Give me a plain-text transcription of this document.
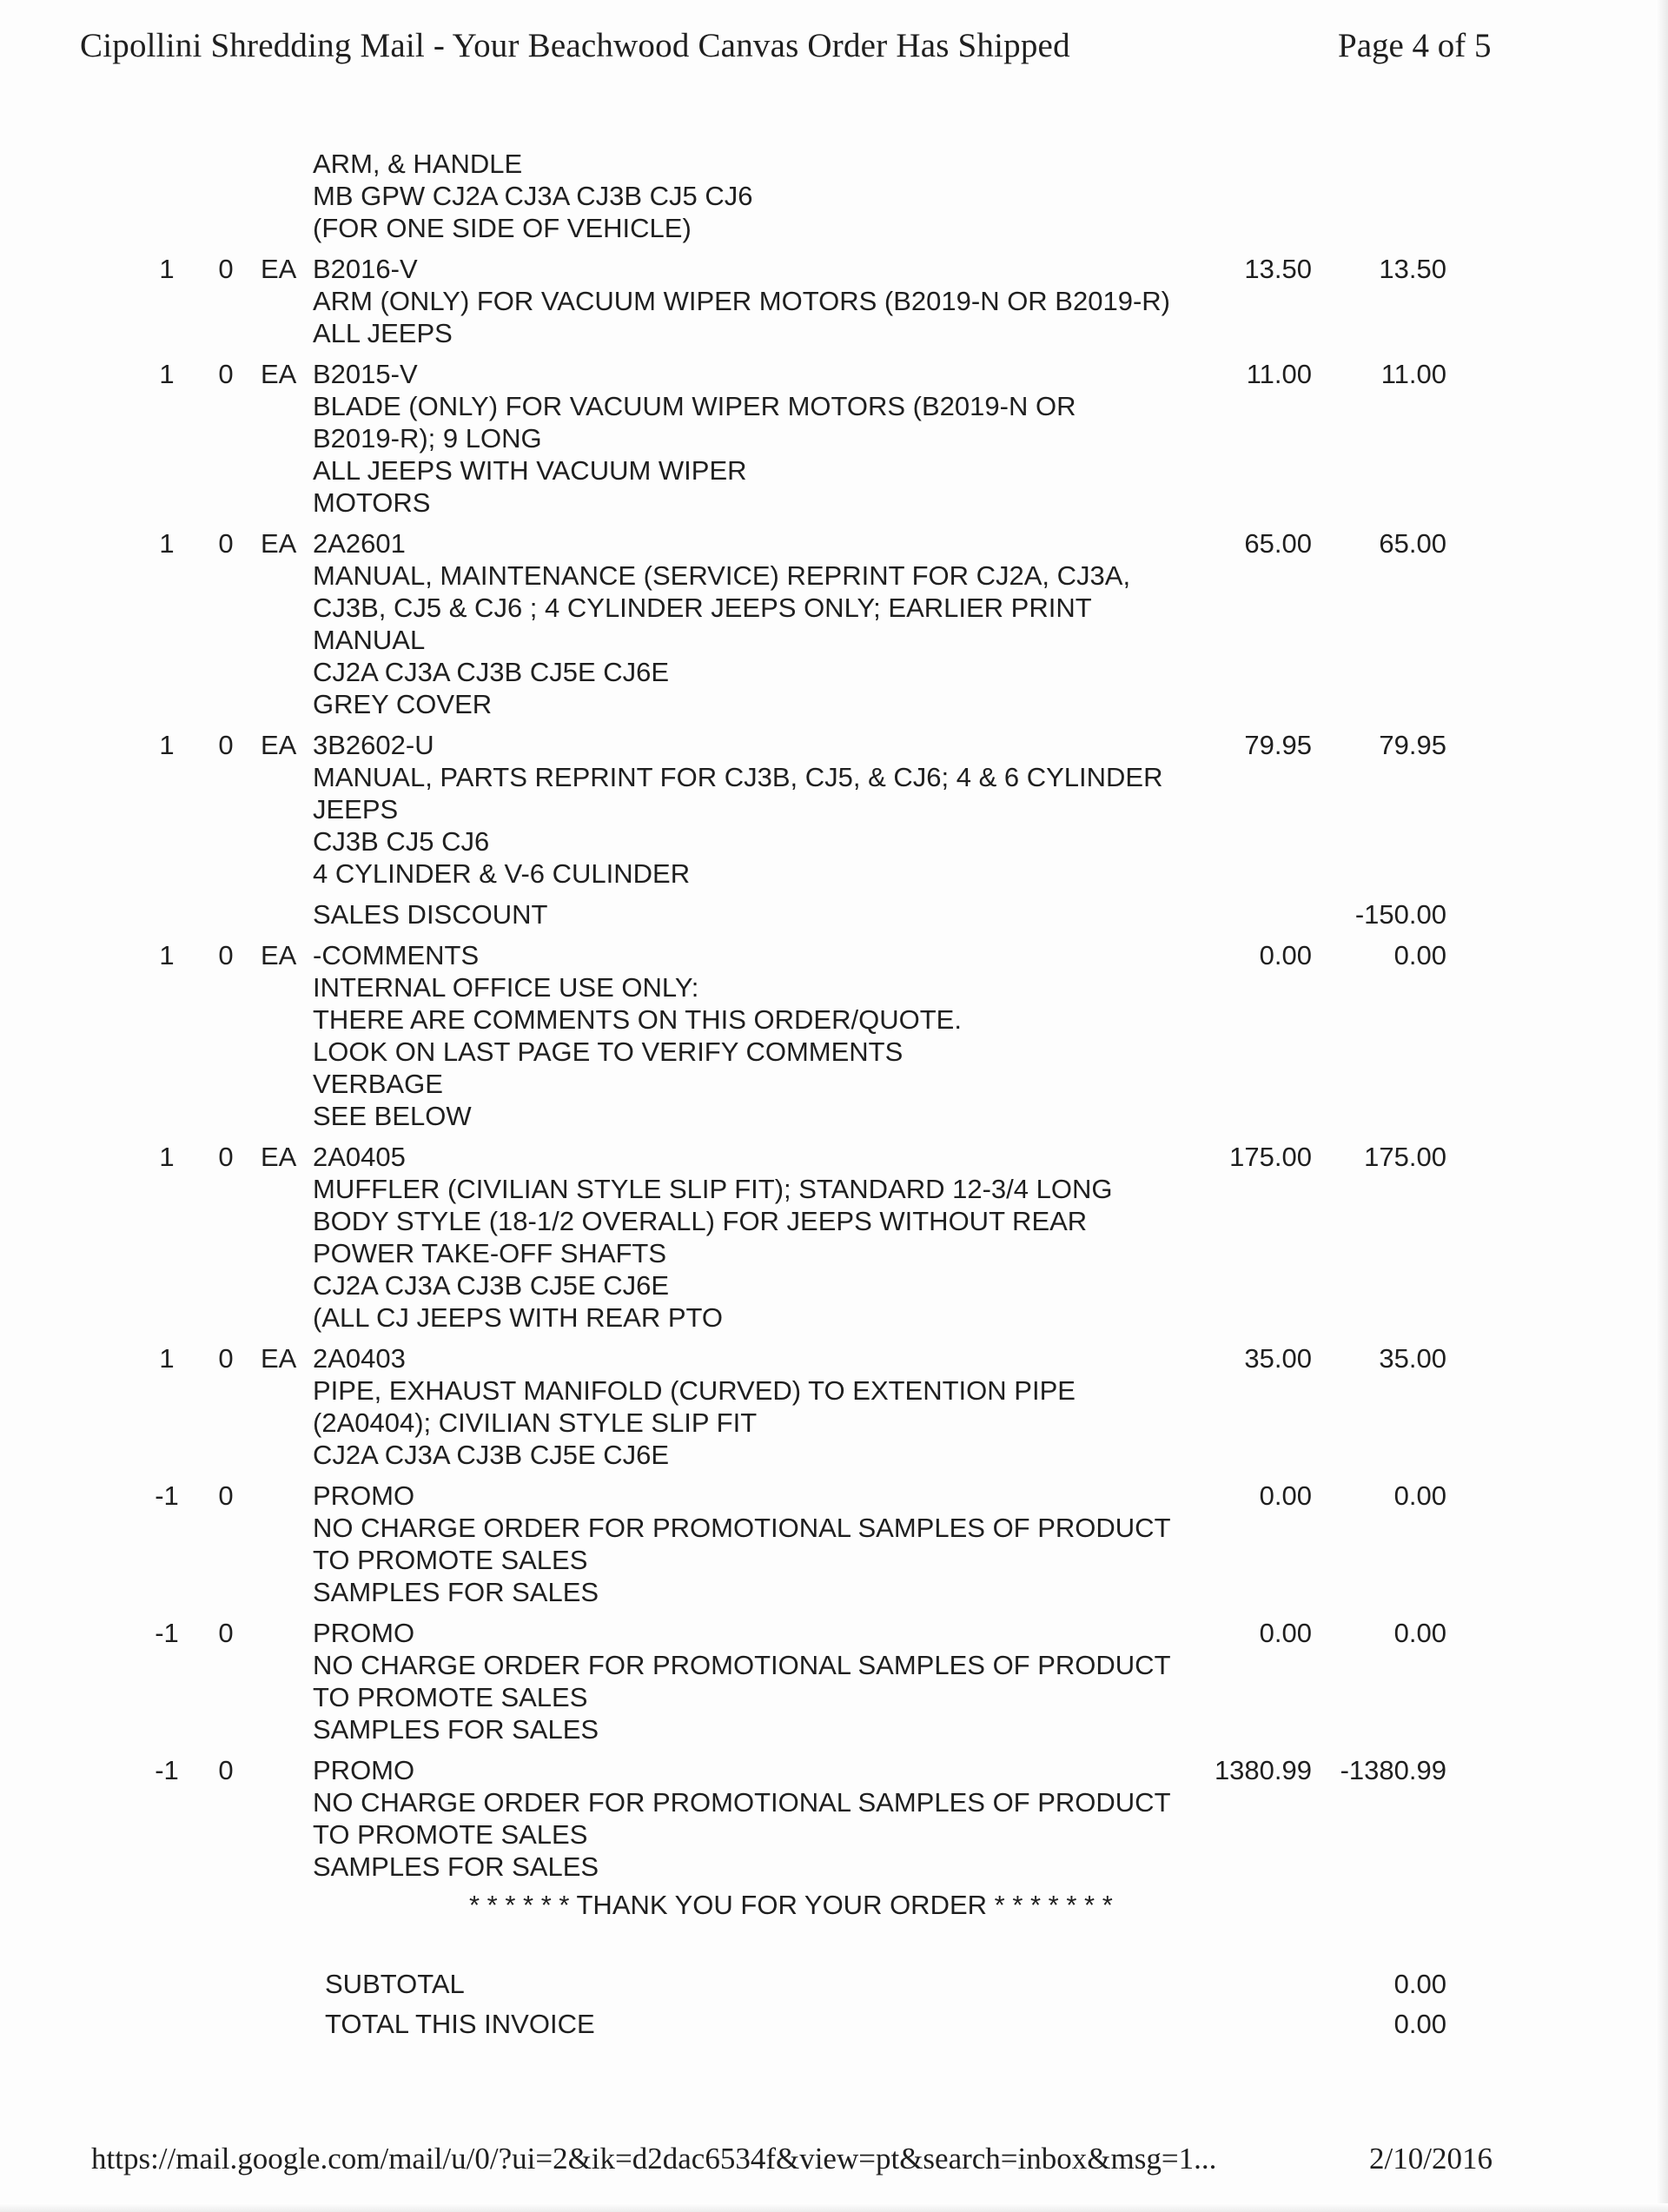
Cipollini Shredding Mail - Your Beachwood Canvas Order Has Shipped	Page 4 of 5
ARM, & HANDLE
MB GPW CJ2A CJ3A CJ3B CJ5 CJ6
(FOR ONE SIDE OF VEHICLE)
1	0	EA B2016-V
ARM (ONLY) FOR VACUUM WIPER MOTORS (B2019-N OR B2019-R)
ALL JEEPS
13.50	13.50
1	0	EA B2015-V
BLADE (ONLY) FOR VACUUM WIPER MOTORS (B2019-N OR
B2019-R); 9 LONG
ALL JEEPS WITH VACUUM WIPER
MOTORS
11.00	11.00
1	0	EA 2A2601
MANUAL, MAINTENANCE (SERVICE) REPRINT FOR CJ2A, CJ3A,
CJ3B, CJ5 & CJ6 ; 4 CYLINDER JEEPS ONLY; EARLIER PRINT
MANUAL
CJ2A CJ3A CJ3B CJ5E CJ6E
GREY COVER
65.00	65.00
1	0	EA 3B2602-U
MANUAL, PARTS REPRINT FOR CJ3B, CJ5, & CJ6; 4 & 6 CYLINDER
JEEPS
CJ3B CJ5 CJ6
4 CYLINDER & V-6 CULINDER
79.95	79.95
SALES DISCOUNT	-150.00
1	0	EA -COMMENTS
INTERNAL OFFICE USE ONLY:
THERE ARE COMMENTS ON THIS ORDER/QUOTE.
LOOK ON LAST PAGE TO VERIFY COMMENTS
VERBAGE
SEE BELOW
0.00	0.00
1	0	EA 2A0405
MUFFLER (CIVILIAN STYLE SLIP FIT); STANDARD 12-3/4 LONG
BODY STYLE (18-1/2 OVERALL) FOR JEEPS WITHOUT REAR
POWER TAKE-OFF SHAFTS
CJ2A CJ3A CJ3B CJ5E CJ6E
(ALL CJ JEEPS WITH REAR PTO
175.00	175.00
1	0	EA 2A0403
PIPE, EXHAUST MANIFOLD (CURVED) TO EXTENTION PIPE
(2A0404); CIVILIAN STYLE SLIP FIT
CJ2A CJ3A CJ3B CJ5E CJ6E
35.00	35.00
-1	0	PROMO
NO CHARGE ORDER FOR PROMOTIONAL SAMPLES OF PRODUCT
TO PROMOTE SALES
SAMPLES FOR SALES
0.00	0.00
-1	0	PROMO
NO CHARGE ORDER FOR PROMOTIONAL SAMPLES OF PRODUCT
TO PROMOTE SALES
SAMPLES FOR SALES
0.00	0.00
-1	0	PROMO
NO CHARGE ORDER FOR PROMOTIONAL SAMPLES OF PRODUCT
TO PROMOTE SALES
SAMPLES FOR SALES
1380.99	-1380.99
* * * * * * THANK YOU FOR YOUR ORDER * * * * * * *
SUBTOTAL	0.00
TOTAL THIS INVOICE	0.00
https://mail.google.com/mail/u/0/?ui=2&ik=d2dac6534f&view=pt&search=inbox&msg=1...	2/10/2016
